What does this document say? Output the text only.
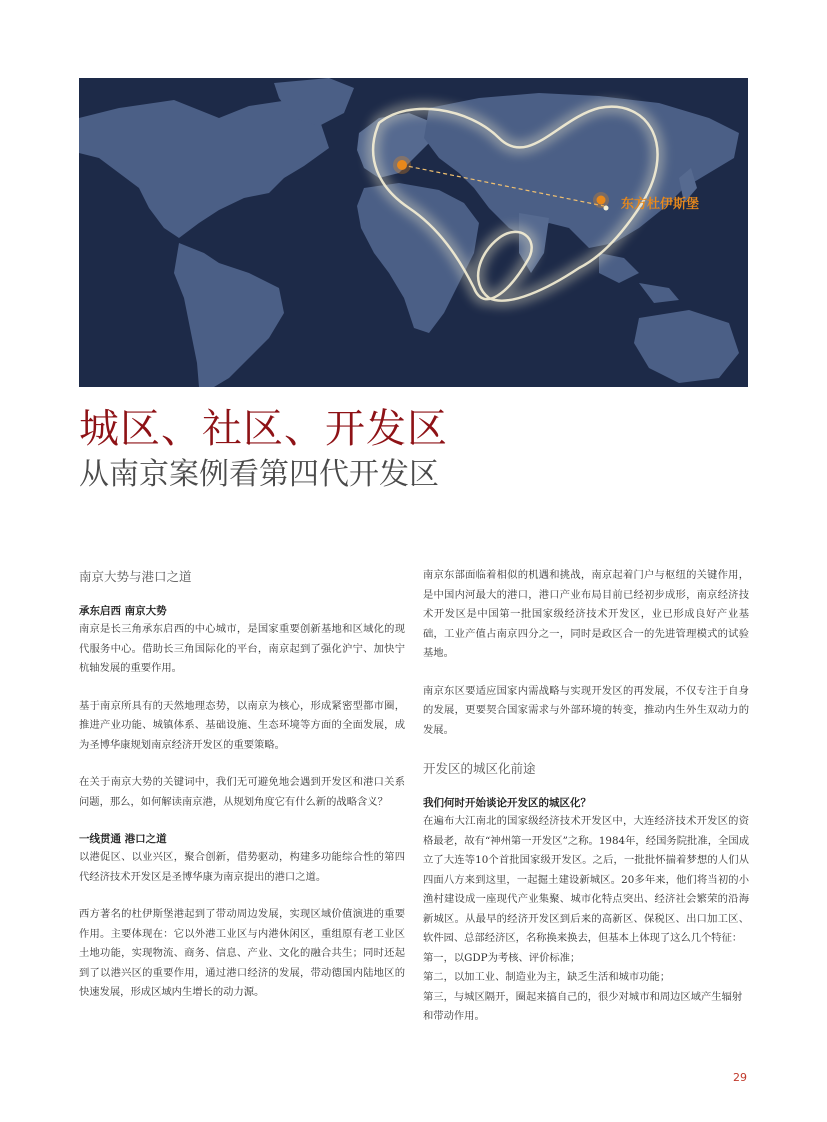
东方杜伊斯堡
城区、社区、开发区
从南京案例看第四代开发区

南京大势与港口之道

承东启西 南京大势

南京是长三角承东启西的中心城市，是国家重要创新基地和区域化的现代服务中心。借助长三角国际化的平台，南京起到了强化沪宁、加快宁杭轴发展的重要作用。

基于南京所具有的天然地理态势，以南京为核心，形成紧密型都市圈，推进产业功能、城镇体系、基础设施、生态环境等方面的全面发展，成为圣博华康规划南京经济开发区的重要策略。

在关于南京大势的关键词中，我们无可避免地会遇到开发区和港口关系问题，那么，如何解读南京港，从规划角度它有什么新的战略含义？

一线贯通 港口之道

以港促区、以业兴区，聚合创新，借势驱动，构建多功能综合性的第四代经济技术开发区是圣博华康为南京提出的港口之道。

西方著名的杜伊斯堡港起到了带动周边发展，实现区域价值演进的重要作用。主要体现在：它以外港工业区与内港休闲区，重组原有老工业区土地功能，实现物流、商务、信息、产业、文化的融合共生；同时还起到了以港兴区的重要作用，通过港口经济的发展，带动德国内陆地区的快速发展，形成区域内生增长的动力源。

南京东部面临着相似的机遇和挑战，南京起着门户与枢纽的关键作用，是中国内河最大的港口，港口产业布局目前已经初步成形，南京经济技术开发区是中国第一批国家级经济技术开发区，业已形成良好产业基础，工业产值占南京四分之一，同时是政区合一的先进管理模式的试验基地。

南京东区要适应国家内需战略与实现开发区的再发展，不仅专注于自身的发展，更要契合国家需求与外部环境的转变，推动内生外生双动力的发展。

开发区的城区化前途

我们何时开始谈论开发区的城区化？

在遍布大江南北的国家级经济技术开发区中，大连经济技术开发区的资格最老，故有“神州第一开发区”之称。1984年，经国务院批准，全国成立了大连等10个首批国家级开发区。之后，一批批怀揣着梦想的人们从四面八方来到这里，一起掘土建设新城区。20多年来，他们将当初的小渔村建设成一座现代产业集聚、城市化特点突出、经济社会繁荣的沿海新城区。从最早的经济开发区到后来的高新区、保税区、出口加工区、软件园、总部经济区，名称换来换去，但基本上体现了这么几个特征：

第一，以GDP为考核、评价标准；

第二，以加工业、制造业为主，缺乏生活和城市功能；

第三，与城区隔开，圈起来搞自己的，很少对城市和周边区域产生辐射和带动作用。

29
